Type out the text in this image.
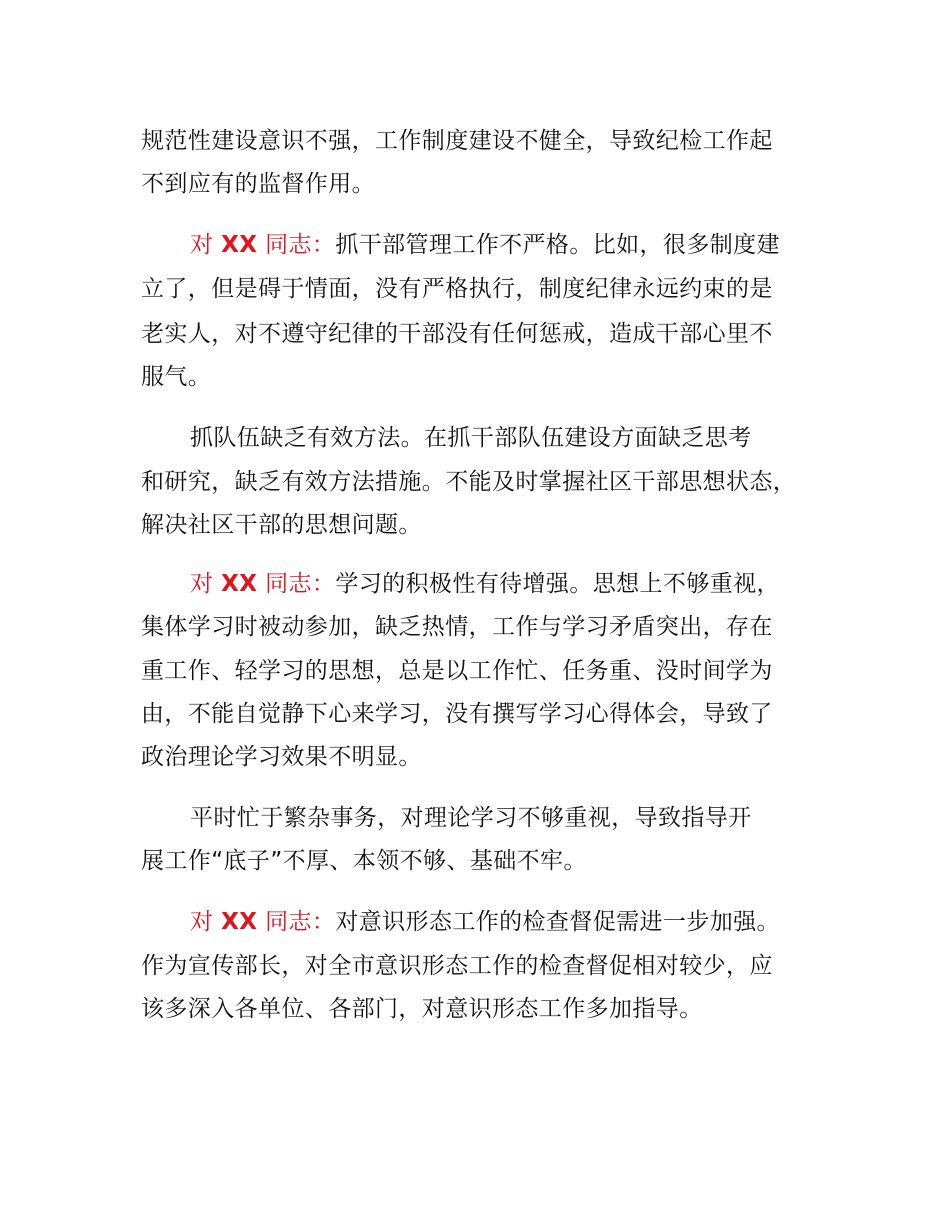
规范性建设意识不强，工作制度建设不健全，导致纪检工作起
不到应有的监督作用。
对 XX 同志：抓干部管理工作不严格。比如，很多制度建
立了，但是碍于情面，没有严格执行，制度纪律永远约束的是
老实人，对不遵守纪律的干部没有任何惩戒，造成干部心里不
服气。
抓队伍缺乏有效方法。在抓干部队伍建设方面缺乏思考
和研究，缺乏有效方法措施。不能及时掌握社区干部思想状态，
解决社区干部的思想问题。
对 XX 同志：学习的积极性有待增强。思想上不够重视，
集体学习时被动参加，缺乏热情，工作与学习矛盾突出，存在
重工作、轻学习的思想，总是以工作忙、任务重、没时间学为
由，不能自觉静下心来学习，没有撰写学习心得体会，导致了
政治理论学习效果不明显。
平时忙于繁杂事务，对理论学习不够重视，导致指导开
展工作“底子”不厚、本领不够、基础不牢。
对 XX 同志：对意识形态工作的检查督促需进一步加强。
作为宣传部长，对全市意识形态工作的检查督促相对较少，应
该多深入各单位、各部门，对意识形态工作多加指导。
